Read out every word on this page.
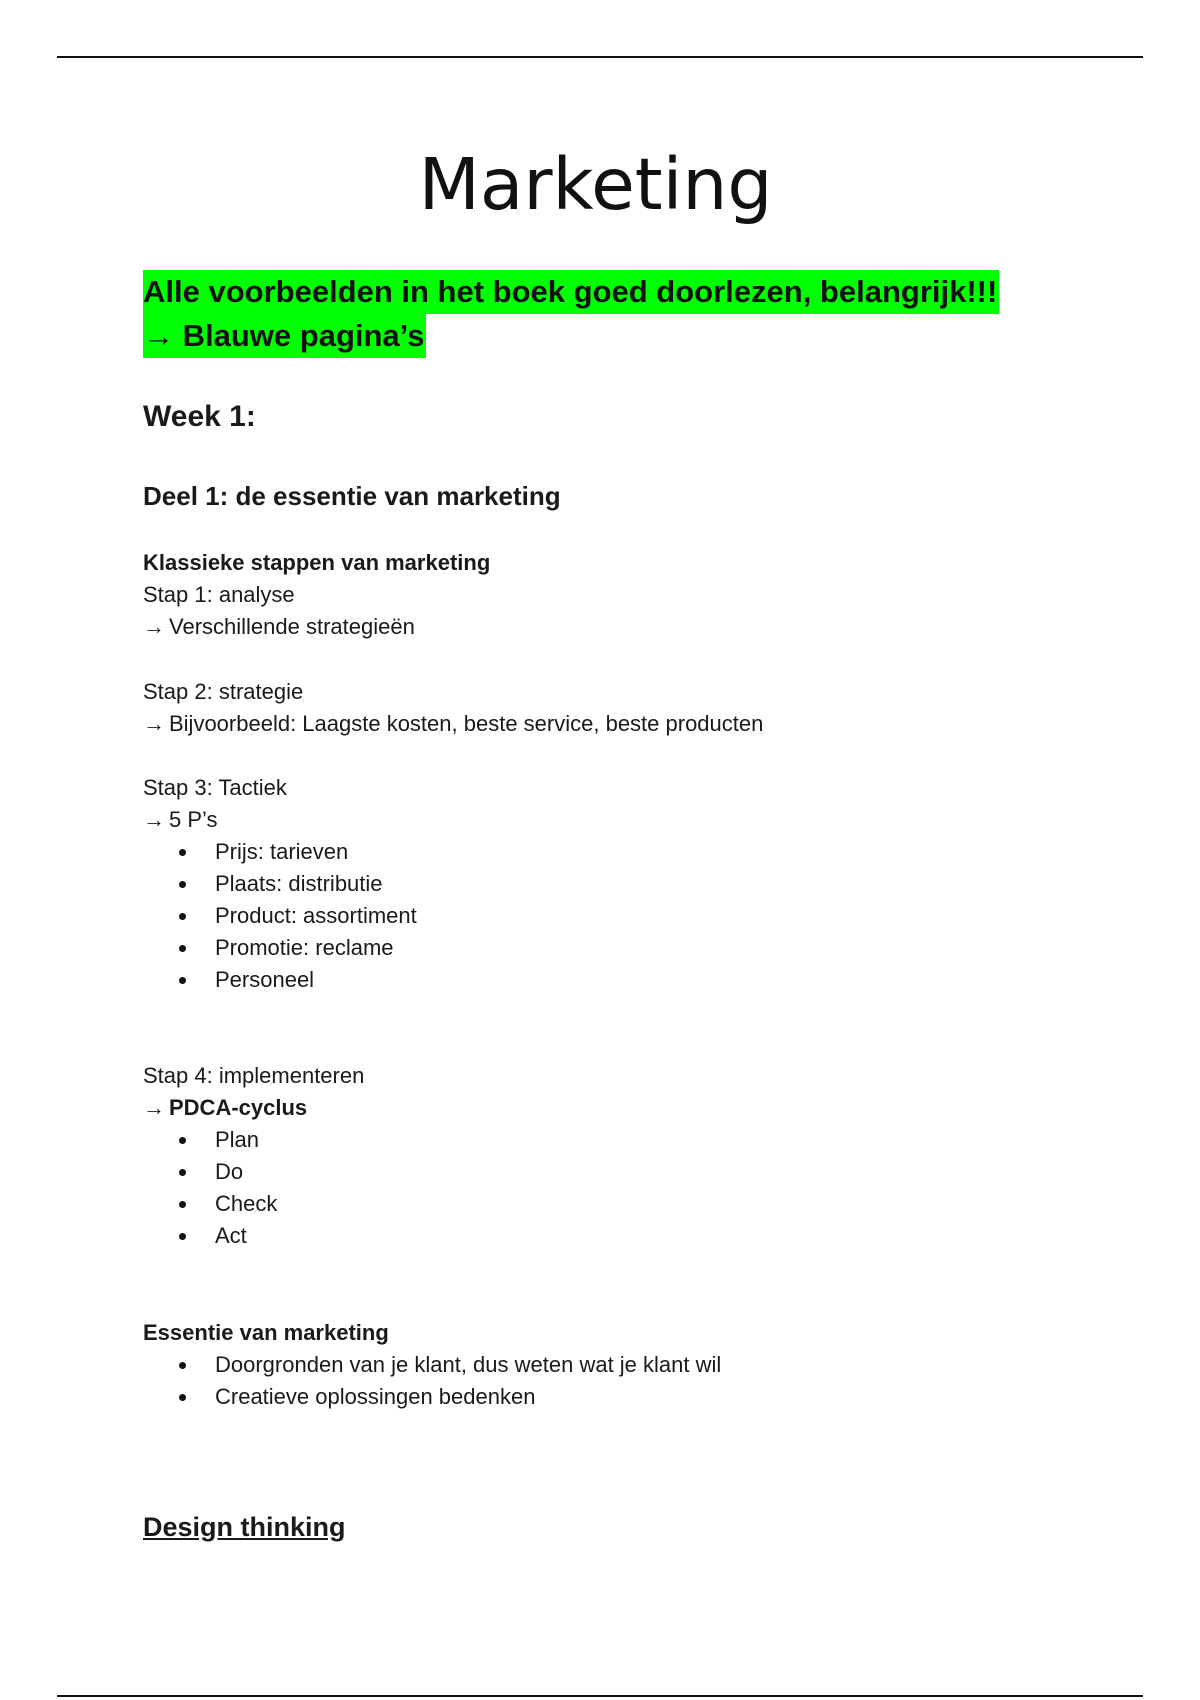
Marketing
Alle voorbeelden in het boek goed doorlezen, belangrijk!!!
→ Blauwe pagina’s
Week 1:
Deel 1: de essentie van marketing
Klassieke stappen van marketing
Stap 1: analyse
→ Verschillende strategieën
Stap 2: strategie
→ Bijvoorbeeld: Laagste kosten, beste service, beste producten
Stap 3: Tactiek
→ 5 P’s
Prijs: tarieven
Plaats: distributie
Product: assortiment
Promotie: reclame
Personeel
Stap 4: implementeren
→ PDCA-cyclus
Plan
Do
Check
Act
Essentie van marketing
Doorgronden van je klant, dus weten wat je klant wil
Creatieve oplossingen bedenken
Design thinking
